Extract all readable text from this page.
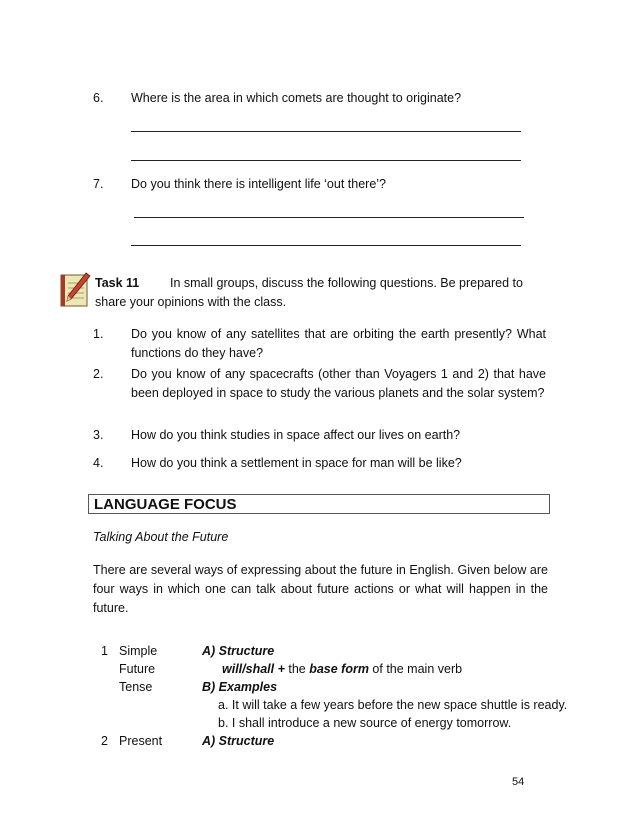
6. Where is the area in which comets are thought to originate?
7. Do you think there is intelligent life ‘out there’?
Task 11 In small groups, discuss the following questions. Be prepared to
share your opinions with the class.
1. Do you know of any satellites that are orbiting the earth presently? What functions do they have?
2. Do you know of any spacecrafts (other than Voyagers 1 and 2) that have been deployed in space to study the various planets and the solar system?
3. How do you think studies in space affect our lives on earth?
4. How do you think a settlement in space for man will be like?
LANGUAGE FOCUS
Talking About the Future
There are several ways of expressing about the future in English. Given below are four ways in which one can talk about future actions or what will happen in the future.
1 Simple
Future
Tense
A) Structure
will/shall + the base form of the main verb
B) Examples
a. It will take a few years before the new space shuttle is ready.
b. I shall introduce a new source of energy tomorrow.
2 Present	A) Structure
54
